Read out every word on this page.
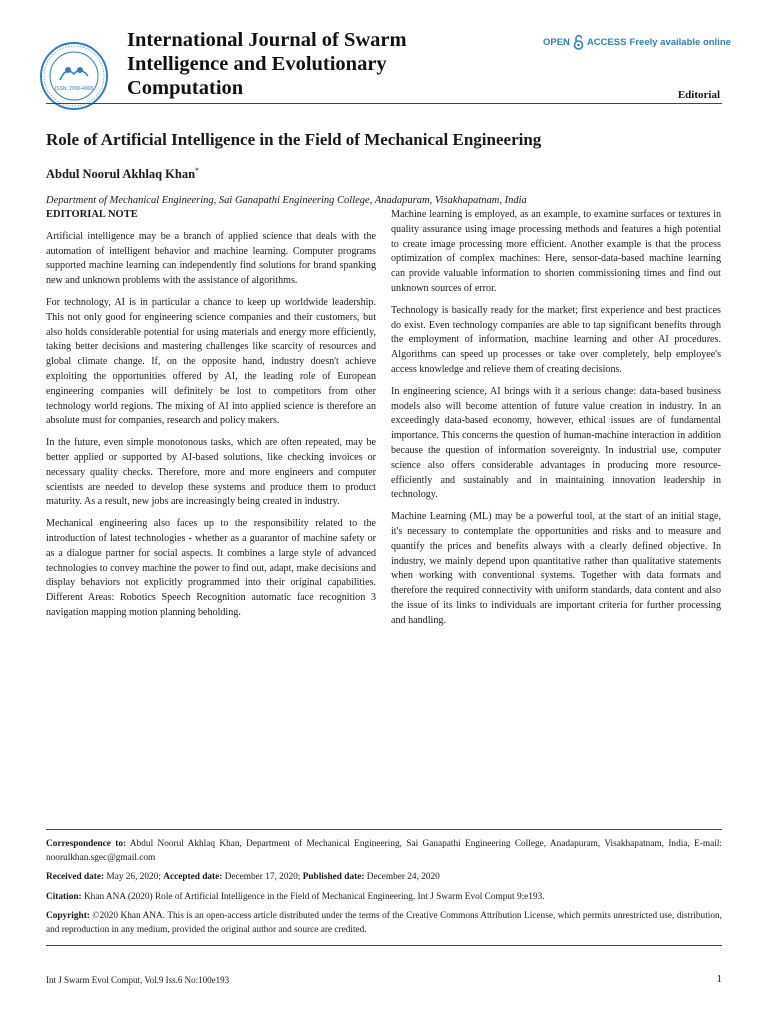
ISSN: 2090-4908
International Journal of Swarm
Intelligence and Evolutionary
Computation
OPEN ACCESS Freely available online
Editorial
Role of Artificial Intelligence in the Field of Mechanical Engineering
Abdul Noorul Akhlaq Khan*
Department of Mechanical Engineering, Sai Ganapathi Engineering College, Anadapuram, Visakhapatnam, India
EDITORIAL NOTE

Artificial intelligence may be a branch of applied science that deals with the automation of intelligent behavior and machine learning. Computer programs supported machine learning can independently find solutions for brand spanking new and unknown problems with the assistance of algorithms.

For technology, AI is in particular a chance to keep up worldwide leadership. This not only good for engineering science companies and their customers, but also holds considerable potential for using materials and energy more efficiently, taking better decisions and mastering challenges like scarcity of resources and global climate change. If, on the opposite hand, industry doesn't achieve exploiting the opportunities offered by AI, the leading role of European engineering companies will definitely be lost to competitors from other technology world regions. The mixing of AI into applied science is therefore an absolute must for companies, research and policy makers.

In the future, even simple monotonous tasks, which are often repeated, may be better applied or supported by AI-based solutions, like checking invoices or necessary quality checks. Therefore, more and more engineers and computer scientists are needed to develop these systems and produce them to product maturity. As a result, new jobs are increasingly being created in industry.

Mechanical engineering also faces up to the responsibility related to the introduction of latest technologies - whether as a guarantor of machine safety or as a dialogue partner for social aspects. It combines a large style of advanced technologies to convey machine the power to find out, adapt, make decisions and display behaviors not explicitly programmed into their original capabilities. Different Areas: Robotics Speech Recognition automatic face recognition 3 navigation mapping motion planning beholding.

Machine learning is employed, as an example, to examine surfaces or textures in quality assurance using image processing methods and features a high potential to create image processing more efficient. Another example is that the process optimization of complex machines: Here, sensor-data-based machine learning can provide valuable information to shorten commissioning times and find out unknown sources of error.

Technology is basically ready for the market; first experience and best practices do exist. Even technology companies are able to tap significant benefits through the employment of information, machine learning and other AI procedures. Algorithms can speed up processes or take over completely, help employee's access knowledge and relieve them of creating decisions.

In engineering science, AI brings with it a serious change: data-based business models also will become attention of future value creation in industry. In an exceedingly data-based economy, however, ethical issues are of fundamental importance. This concerns the question of human-machine interaction in addition because the question of information sovereignty. In industrial use, computer science also offers considerable advantages in producing more resource-efficiently and sustainably and in maintaining innovation leadership in technology.

Machine Learning (ML) may be a powerful tool, at the start of an initial stage, it's necessary to contemplate the opportunities and risks and to measure and quantify the prices and benefits always with a clearly defined objective. In industry, we mainly depend upon quantitative rather than qualitative statements when working with conventional systems. Together with data formats and therefore the required connectivity with uniform standards, data content and also the issue of its links to individuals are important criteria for further processing and handling.

Correspondence to: Abdul Noorul Akhlaq Khan, Department of Mechanical Engineering, Sai Ganapathi Engineering College, Anadapuram, Visakhapatnam, India, E-mail: noorulkhan.sgec@gmail.com
Received date: May 26, 2020; Accepted date: December 17, 2020; Published date: December 24, 2020
Citation: Khan ANA (2020) Role of Artificial Intelligence in the Field of Mechanical Engineering. Int J Swarm Evol Comput 9:e193.
Copyright: ©2020 Khan ANA. This is an open-access article distributed under the terms of the Creative Commons Attribution License, which permits unrestricted use, distribution, and reproduction in any medium, provided the original author and source are credited.
Int J Swarm Evol Comput, Vol.9 Iss.6 No:100e193	1
